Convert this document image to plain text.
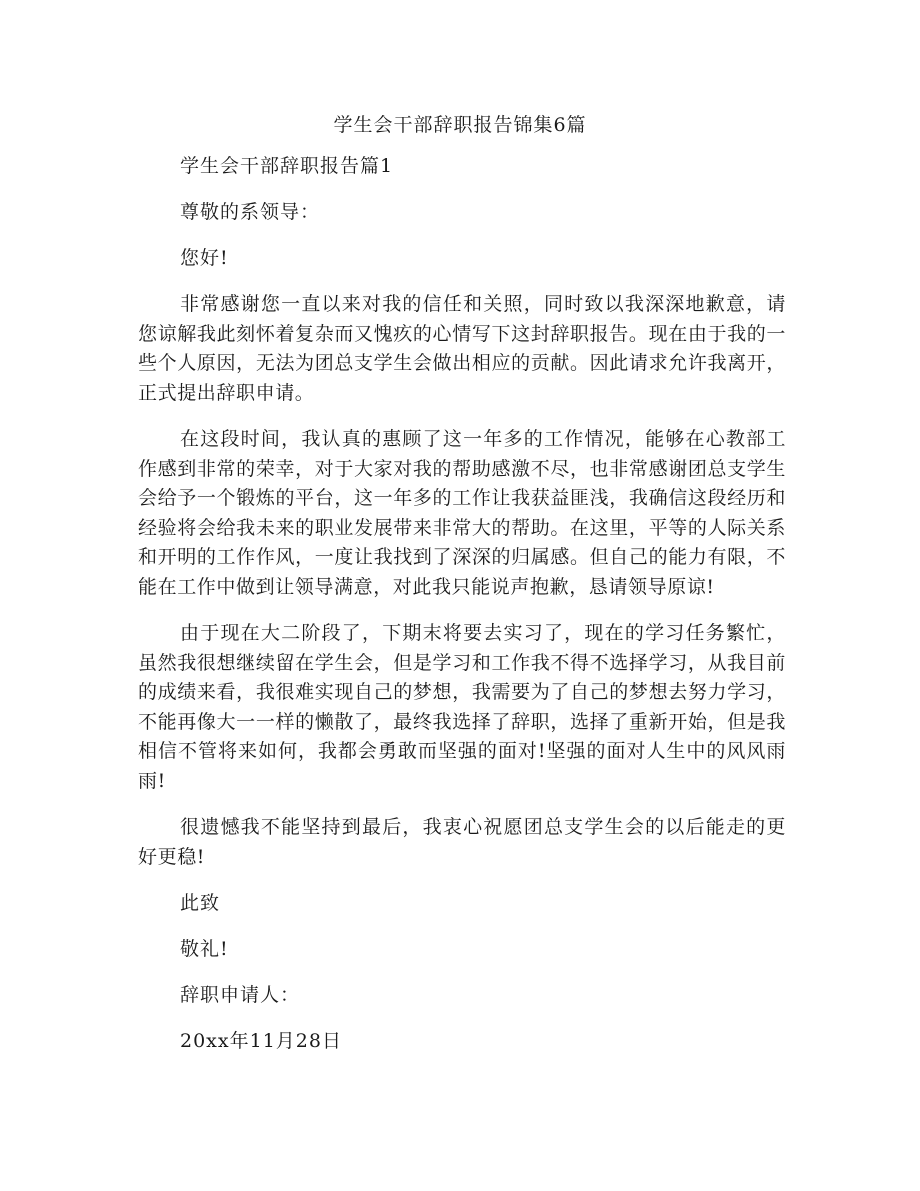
学生会干部辞职报告锦集6篇
学生会干部辞职报告篇1
尊敬的系领导：
您好!

非常感谢您一直以来对我的信任和关照，同时致以我深深地歉意，请您谅解我此刻怀着复杂而又愧疚的心情写下这封辞职报告。现在由于我的一些个人原因，无法为团总支学生会做出相应的贡献。因此请求允许我离开，正式提出辞职申请。

在这段时间，我认真的惠顾了这一年多的工作情况，能够在心教部工作感到非常的荣幸，对于大家对我的帮助感激不尽，也非常感谢团总支学生会给予一个锻炼的平台，这一年多的工作让我获益匪浅，我确信这段经历和经验将会给我未来的职业发展带来非常大的帮助。在这里，平等的人际关系和开明的工作作风，一度让我找到了深深的归属感。但自己的能力有限，不能在工作中做到让领导满意，对此我只能说声抱歉，恳请领导原谅!

由于现在大二阶段了，下期末将要去实习了，现在的学习任务繁忙，虽然我很想继续留在学生会，但是学习和工作我不得不选择学习，从我目前的成绩来看，我很难实现自己的梦想，我需要为了自己的梦想去努力学习，不能再像大一一样的懒散了，最终我选择了辞职，选择了重新开始，但是我相信不管将来如何，我都会勇敢而坚强的面对!坚强的面对人生中的风风雨雨!

很遗憾我不能坚持到最后，我衷心祝愿团总支学生会的以后能走的更好更稳!

此致
敬礼!
辞职申请人：
20xx年11月28日
